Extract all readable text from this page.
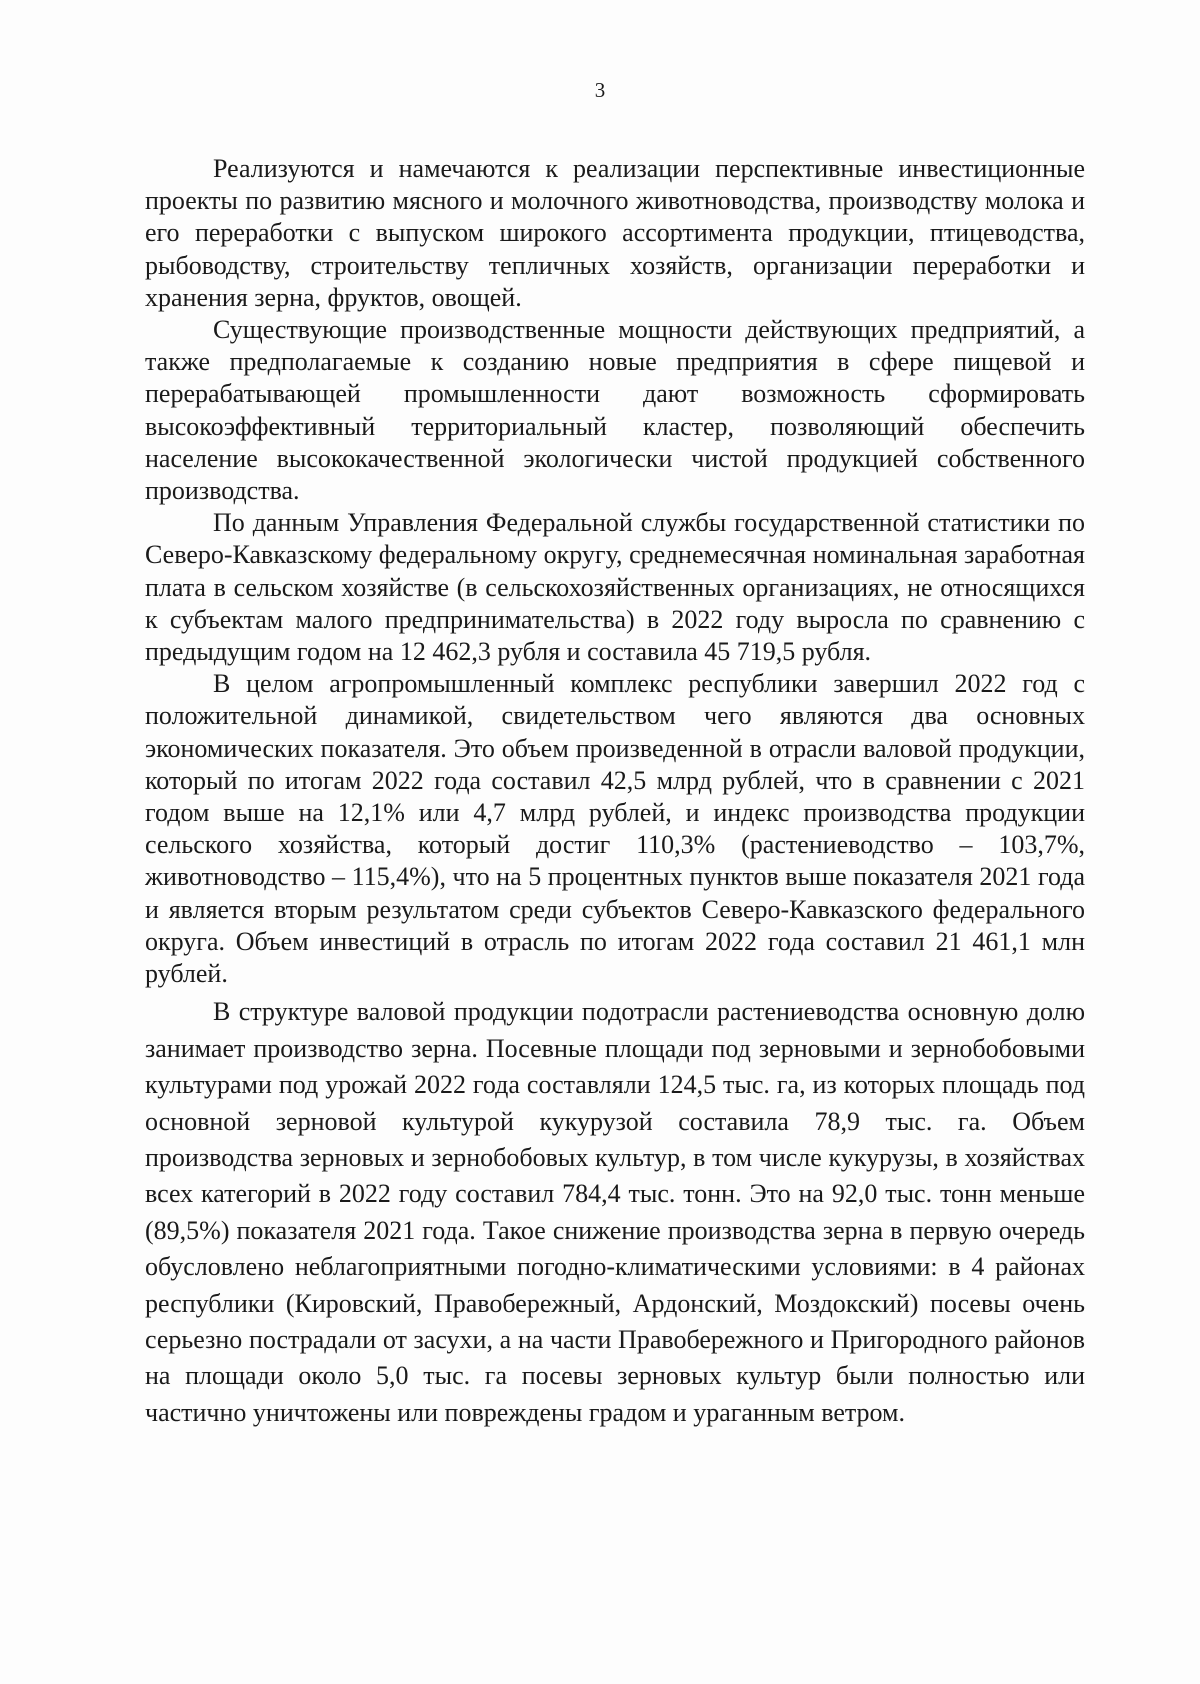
3

Реализуются и намечаются к реализации перспективные инвестиционные проекты по развитию мясного и молочного животноводства, производству молока и его переработки с выпуском широкого ассортимента продукции, птицеводства, рыбоводству, строительству тепличных хозяйств, организации переработки и хранения зерна, фруктов, овощей.

Существующие производственные мощности действующих предприятий, а также предполагаемые к созданию новые предприятия в сфере пищевой и перерабатывающей промышленности дают возможность сформировать высокоэффективный территориальный кластер, позволяющий обеспечить население высококачественной экологически чистой продукцией собственного производства.

По данным Управления Федеральной службы государственной статистики по Северо-Кавказскому федеральному округу, среднемесячная номинальная заработная плата в сельском хозяйстве (в сельскохозяйственных организациях, не относящихся к субъектам малого предпринимательства) в 2022 году выросла по сравнению с предыдущим годом на 12 462,3 рубля и составила 45 719,5 рубля.

В целом агропромышленный комплекс республики завершил 2022 год с положительной динамикой, свидетельством чего являются два основных экономических показателя. Это объем произведенной в отрасли валовой продукции, который по итогам 2022 года составил 42,5 млрд рублей, что в сравнении с 2021 годом выше на 12,1% или 4,7 млрд рублей, и индекс производства продукции сельского хозяйства, который достиг 110,3% (растениеводство – 103,7%, животноводство – 115,4%), что на 5 процентных пунктов выше показателя 2021 года и является вторым результатом среди субъектов Северо-Кавказского федерального округа. Объем инвестиций в отрасль по итогам 2022 года составил 21 461,1 млн рублей.

В структуре валовой продукции подотрасли растениеводства основную долю занимает производство зерна. Посевные площади под зерновыми и зернобобовыми культурами под урожай 2022 года составляли 124,5 тыс. га, из которых площадь под основной зерновой культурой кукурузой составила 78,9 тыс. га. Объем производства зерновых и зернобобовых культур, в том числе кукурузы, в хозяйствах всех категорий в 2022 году составил 784,4 тыс. тонн. Это на 92,0 тыс. тонн меньше (89,5%) показателя 2021 года. Такое снижение производства зерна в первую очередь обусловлено неблагоприятными погодно-климатическими условиями: в 4 районах республики (Кировский, Правобережный, Ардонский, Моздокский) посевы очень серьезно пострадали от засухи, а на части Правобережного и Пригородного районов на площади около 5,0 тыс. га посевы зерновых культур были полностью или частично уничтожены или повреждены градом и ураганным ветром.
